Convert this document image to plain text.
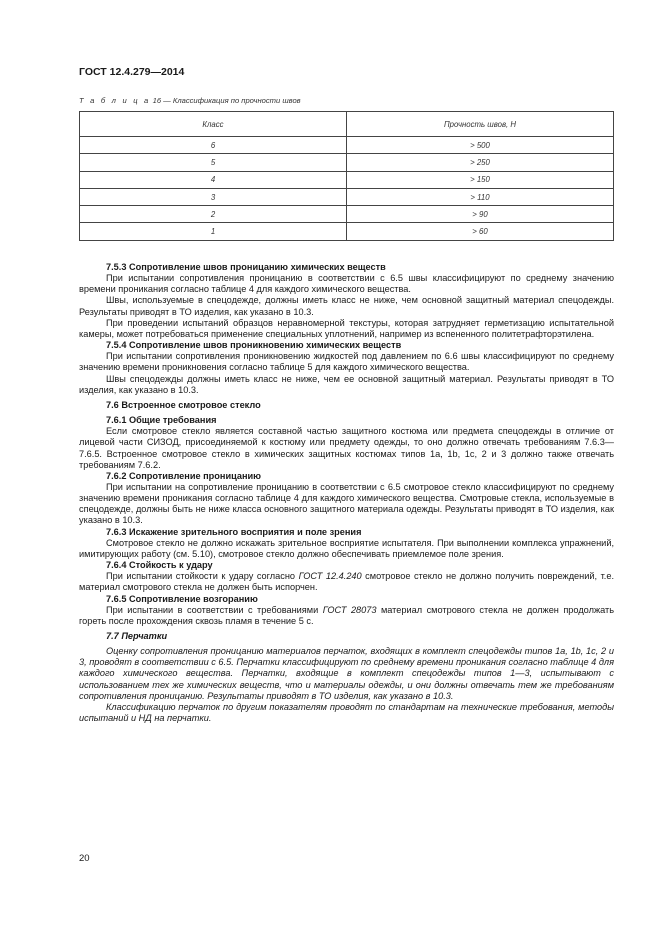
ГОСТ 12.4.279—2014
Т а б л и ц а 16 — Классификация по прочности швов
Класс	Прочность швов, Н
6	> 500
5	> 250
4	> 150
3	> 110
2	> 90
1	> 60

7.5.3 Сопротивление швов проницанию химических веществ

При испытании сопротивления проницанию в соответствии с 6.5 швы классифицируют по среднему значению времени проникания согласно таблице 4 для каждого химического вещества.

Швы, используемые в спецодежде, должны иметь класс не ниже, чем основной защитный материал спецодежды. Результаты приводят в ТО изделия, как указано в 10.3.

При проведении испытаний образцов неравномерной текстуры, которая затрудняет герметизацию испытательной камеры, может потребоваться применение специальных уплотнений, например из вспененного политетрафторэтилена.

7.5.4 Сопротивление швов проникновению химических веществ

При испытании сопротивления проникновению жидкостей под давлением по 6.6 швы классифицируют по среднему значению времени проникновения согласно таблице 5 для каждого химического вещества.

Швы спецодежды должны иметь класс не ниже, чем ее основной защитный материал. Результаты приводят в ТО изделия, как указано в 10.3.

7.6 Встроенное смотровое стекло

7.6.1 Общие требования

Если смотровое стекло является составной частью защитного костюма или предмета спецодежды в отличие от лицевой части СИЗОД, присоединяемой к костюму или предмету одежды, то оно должно отвечать требованиям 7.6.3—7.6.5. Встроенное смотровое стекло в химических защитных костюмах типов 1а, 1b, 1с, 2 и 3 должно также отвечать требованиям 7.6.2.

7.6.2 Сопротивление проницанию

При испытании на сопротивление проницанию в соответствии с 6.5 смотровое стекло классифицируют по среднему значению времени проникания согласно таблице 4 для каждого химического вещества. Смотровые стекла, используемые в спецодежде, должны быть не ниже класса основного защитного материала одежды. Результаты приводят в ТО изделия, как указано в 10.3.

7.6.3 Искажение зрительного восприятия и поле зрения

Смотровое стекло не должно искажать зрительное восприятие испытателя. При выполнении комплекса упражнений, имитирующих работу (см. 5.10), смотровое стекло должно обеспечивать приемлемое поле зрения.

7.6.4 Стойкость к удару

При испытании стойкости к удару согласно ГОСТ 12.4.240 смотровое стекло не должно получить повреждений, т.е. материал смотрового стекла не должен быть испорчен.

7.6.5 Сопротивление возгоранию

При испытании в соответствии с требованиями ГОСТ 28073 материал смотрового стекла не должен продолжать гореть после прохождения сквозь пламя в течение 5 с.

7.7 Перчатки

Оценку сопротивления проницанию материалов перчаток, входящих в комплект спецодежды типов 1а, 1b, 1с, 2 и 3, проводят в соответствии с 6.5. Перчатки классифицируют по среднему времени проникания согласно таблице 4 для каждого химического вещества. Перчатки, входящие в комплект спецодежды типов 1—3, испытывают с использованием тех же химических веществ, что и материалы одежды, и они должны отвечать тем же требованиям сопротивления проницанию. Результаты приводят в ТО изделия, как указано в 10.3.

Классификацию перчаток по другим показателям проводят по стандартам на технические требования, методы испытаний и НД на перчатки.

20
